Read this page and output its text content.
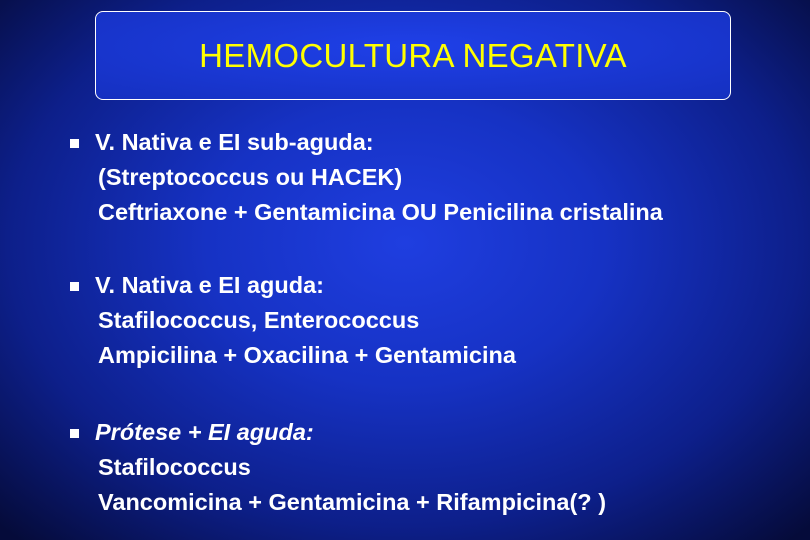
HEMOCULTURA NEGATIVA
V. Nativa e EI sub-aguda:
(Streptococcus ou HACEK)
Ceftriaxone + Gentamicina OU Penicilina cristalina
V. Nativa e EI aguda:
Stafilococcus, Enterococcus
Ampicilina + Oxacilina + Gentamicina
Prótese + EI aguda:
Stafilococcus
Vancomicina + Gentamicina + Rifampicina(? )
